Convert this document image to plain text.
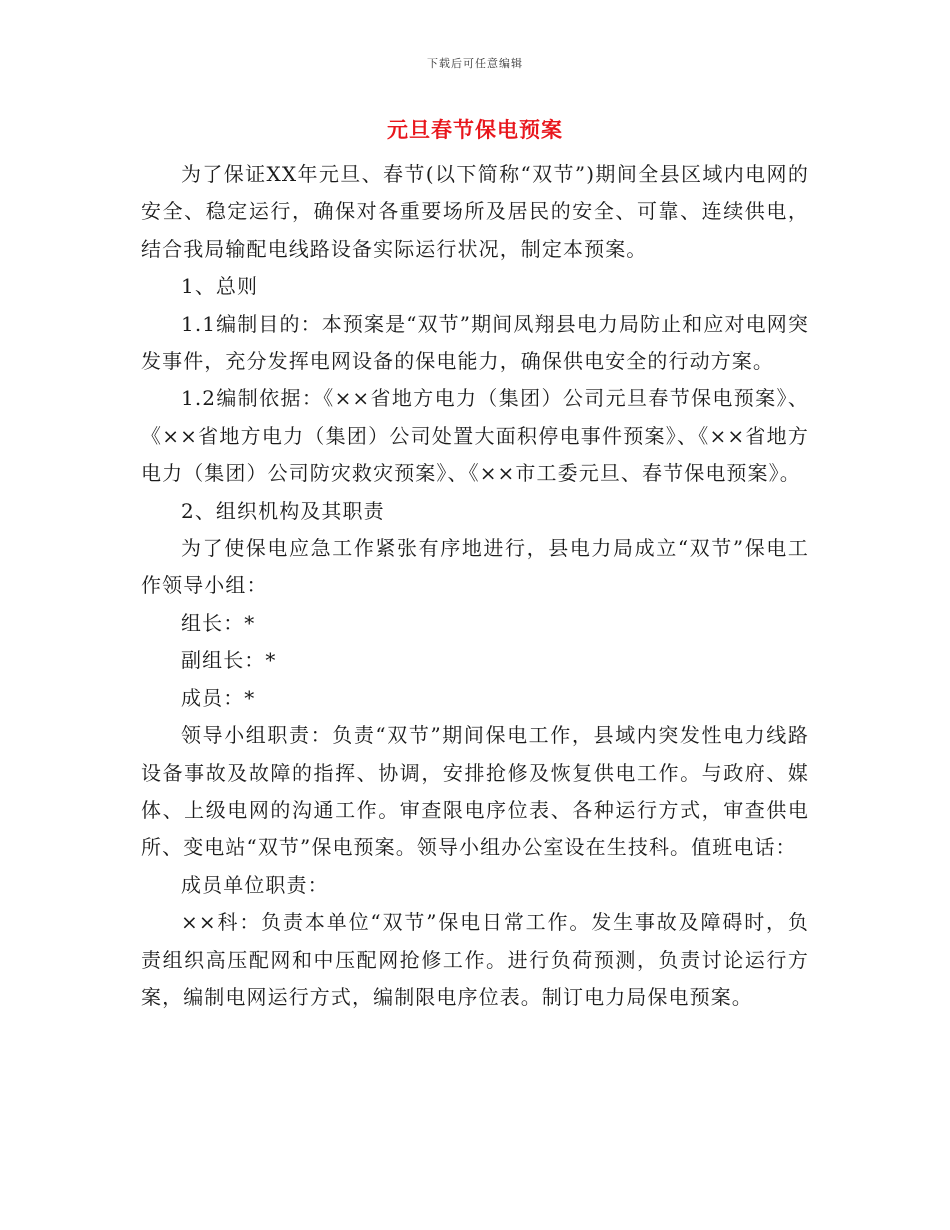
下载后可任意编辑
元旦春节保电预案

为了保证XX年元旦、春节(以下简称“双节”)期间全县区域内电网的安全、稳定运行，确保对各重要场所及居民的安全、可靠、连续供电，结合我局输配电线路设备实际运行状况，制定本预案。

1、总则

1.1编制目的：本预案是“双节”期间凤翔县电力局防止和应对电网突发事件，充分发挥电网设备的保电能力，确保供电安全的行动方案。

1.2编制依据：《××省地方电力（集团）公司元旦春节保电预案》、《××省地方电力（集团）公司处置大面积停电事件预案》、《××省地方电力（集团）公司防灾救灾预案》、《××市工委元旦、春节保电预案》。

2、组织机构及其职责

为了使保电应急工作紧张有序地进行，县电力局成立“双节”保电工作领导小组：

组长：*

副组长：*

成员：*

领导小组职责：负责“双节”期间保电工作，县域内突发性电力线路设备事故及故障的指挥、协调，安排抢修及恢复供电工作。与政府、媒体、上级电网的沟通工作。审查限电序位表、各种运行方式，审查供电所、变电站“双节”保电预案。领导小组办公室设在生技科。值班电话：

成员单位职责：

××科：负责本单位“双节”保电日常工作。发生事故及障碍时，负责组织高压配网和中压配网抢修工作。进行负荷预测，负责讨论运行方案，编制电网运行方式，编制限电序位表。制订电力局保电预案。
